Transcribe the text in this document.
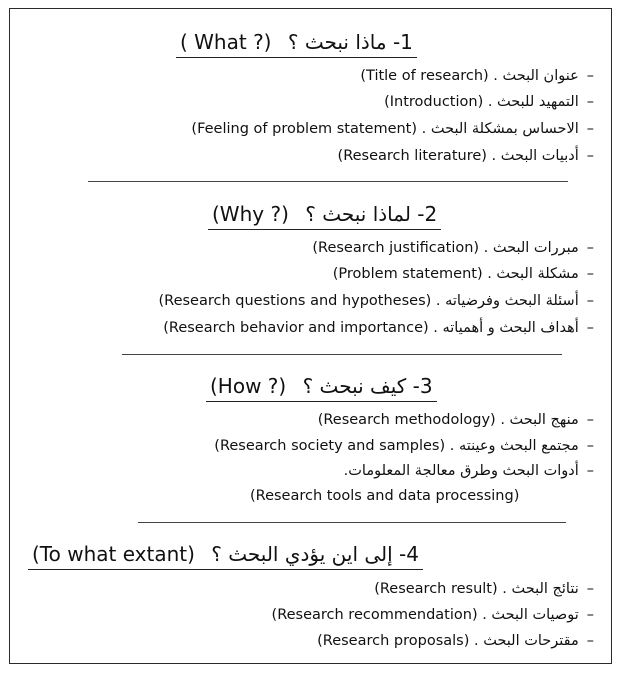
( What ?) 1- ماذا نبحث ؟
(Title of research) عنوان البحث . –
(Introduction) التمهيد للبحث . –
(Feeling of problem statement) الاحساس بمشكلة البحث . –
(Research literature) أدبيات البحث . –
(Why ?) 2- لماذا نبحث ؟
(Research justification) مبررات البحث . –
(Problem statement) مشكلة البحث . –
(Research questions and hypotheses) أسئلة البحث وفرضياته . –
(Research behavior and importance) أهداف البحث و أهمياته . –
(How ?) 3- كيف نبحث ؟
(Research methodology) منهج البحث . –
(Research society and samples) مجتمع البحث وعينته . –
أدوات البحث وطرق معالجة المعلومات. –
(Research tools and data processing)
(To what extant) 4- إلى اين يؤدي البحث ؟
(Research result) نتائج البحث . –
(Research recommendation) توصيات البحث . –
(Research proposals) مقترحات البحث . –
